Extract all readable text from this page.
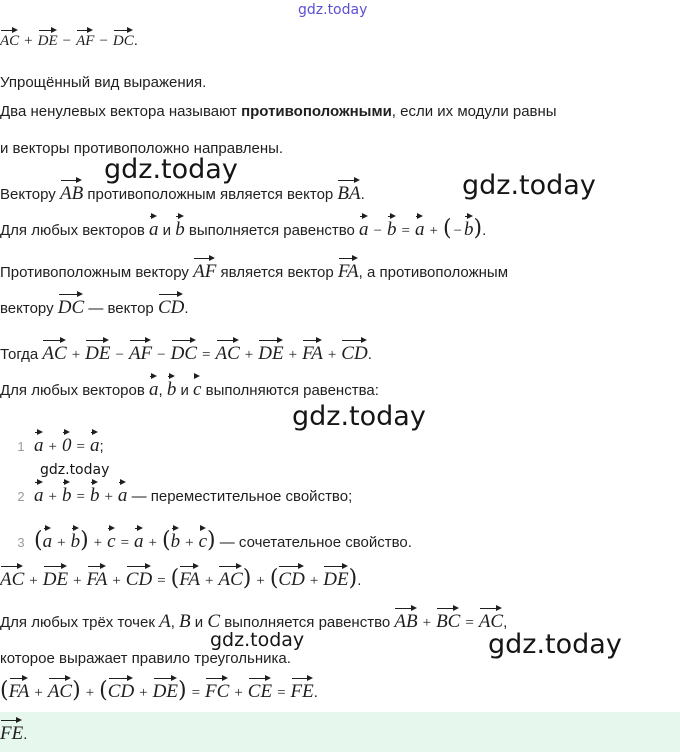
gdz.today
AC + DE − AF − DC.
Упрощённый вид выражения.
Два ненулевых вектора называют противоположными, если их модули равны
и векторы противоположно направлены.
gdz.today
Вектору AB противоположным является вектор BA.	gdz.today
Для любых векторов a и b выполняется равенство a − b = a + ( − b).
Противоположным вектору AF является вектор FA, а противоположным
вектору DC — вектор CD.
Тогда AC + DE − AF − DC = AC + DE + FA + CD.
Для любых векторов a, b и c выполняются равенства:
gdz.today
1 a + 0 = a;
gdz.today
2 a + b = b + a — переместительное свойство;
3 (a + b) + c = a + (b + c) — сочетательное свойство.
AC + DE + FA + CD = (FA + AC) + (CD + DE).
Для любых трёх точек A, B и C выполняется равенство AB + BC = AC,
gdz.today	gdz.today
которое выражает правило треугольника.
(FA + AC) + (CD + DE) = FC + CE = FE.
FE.
